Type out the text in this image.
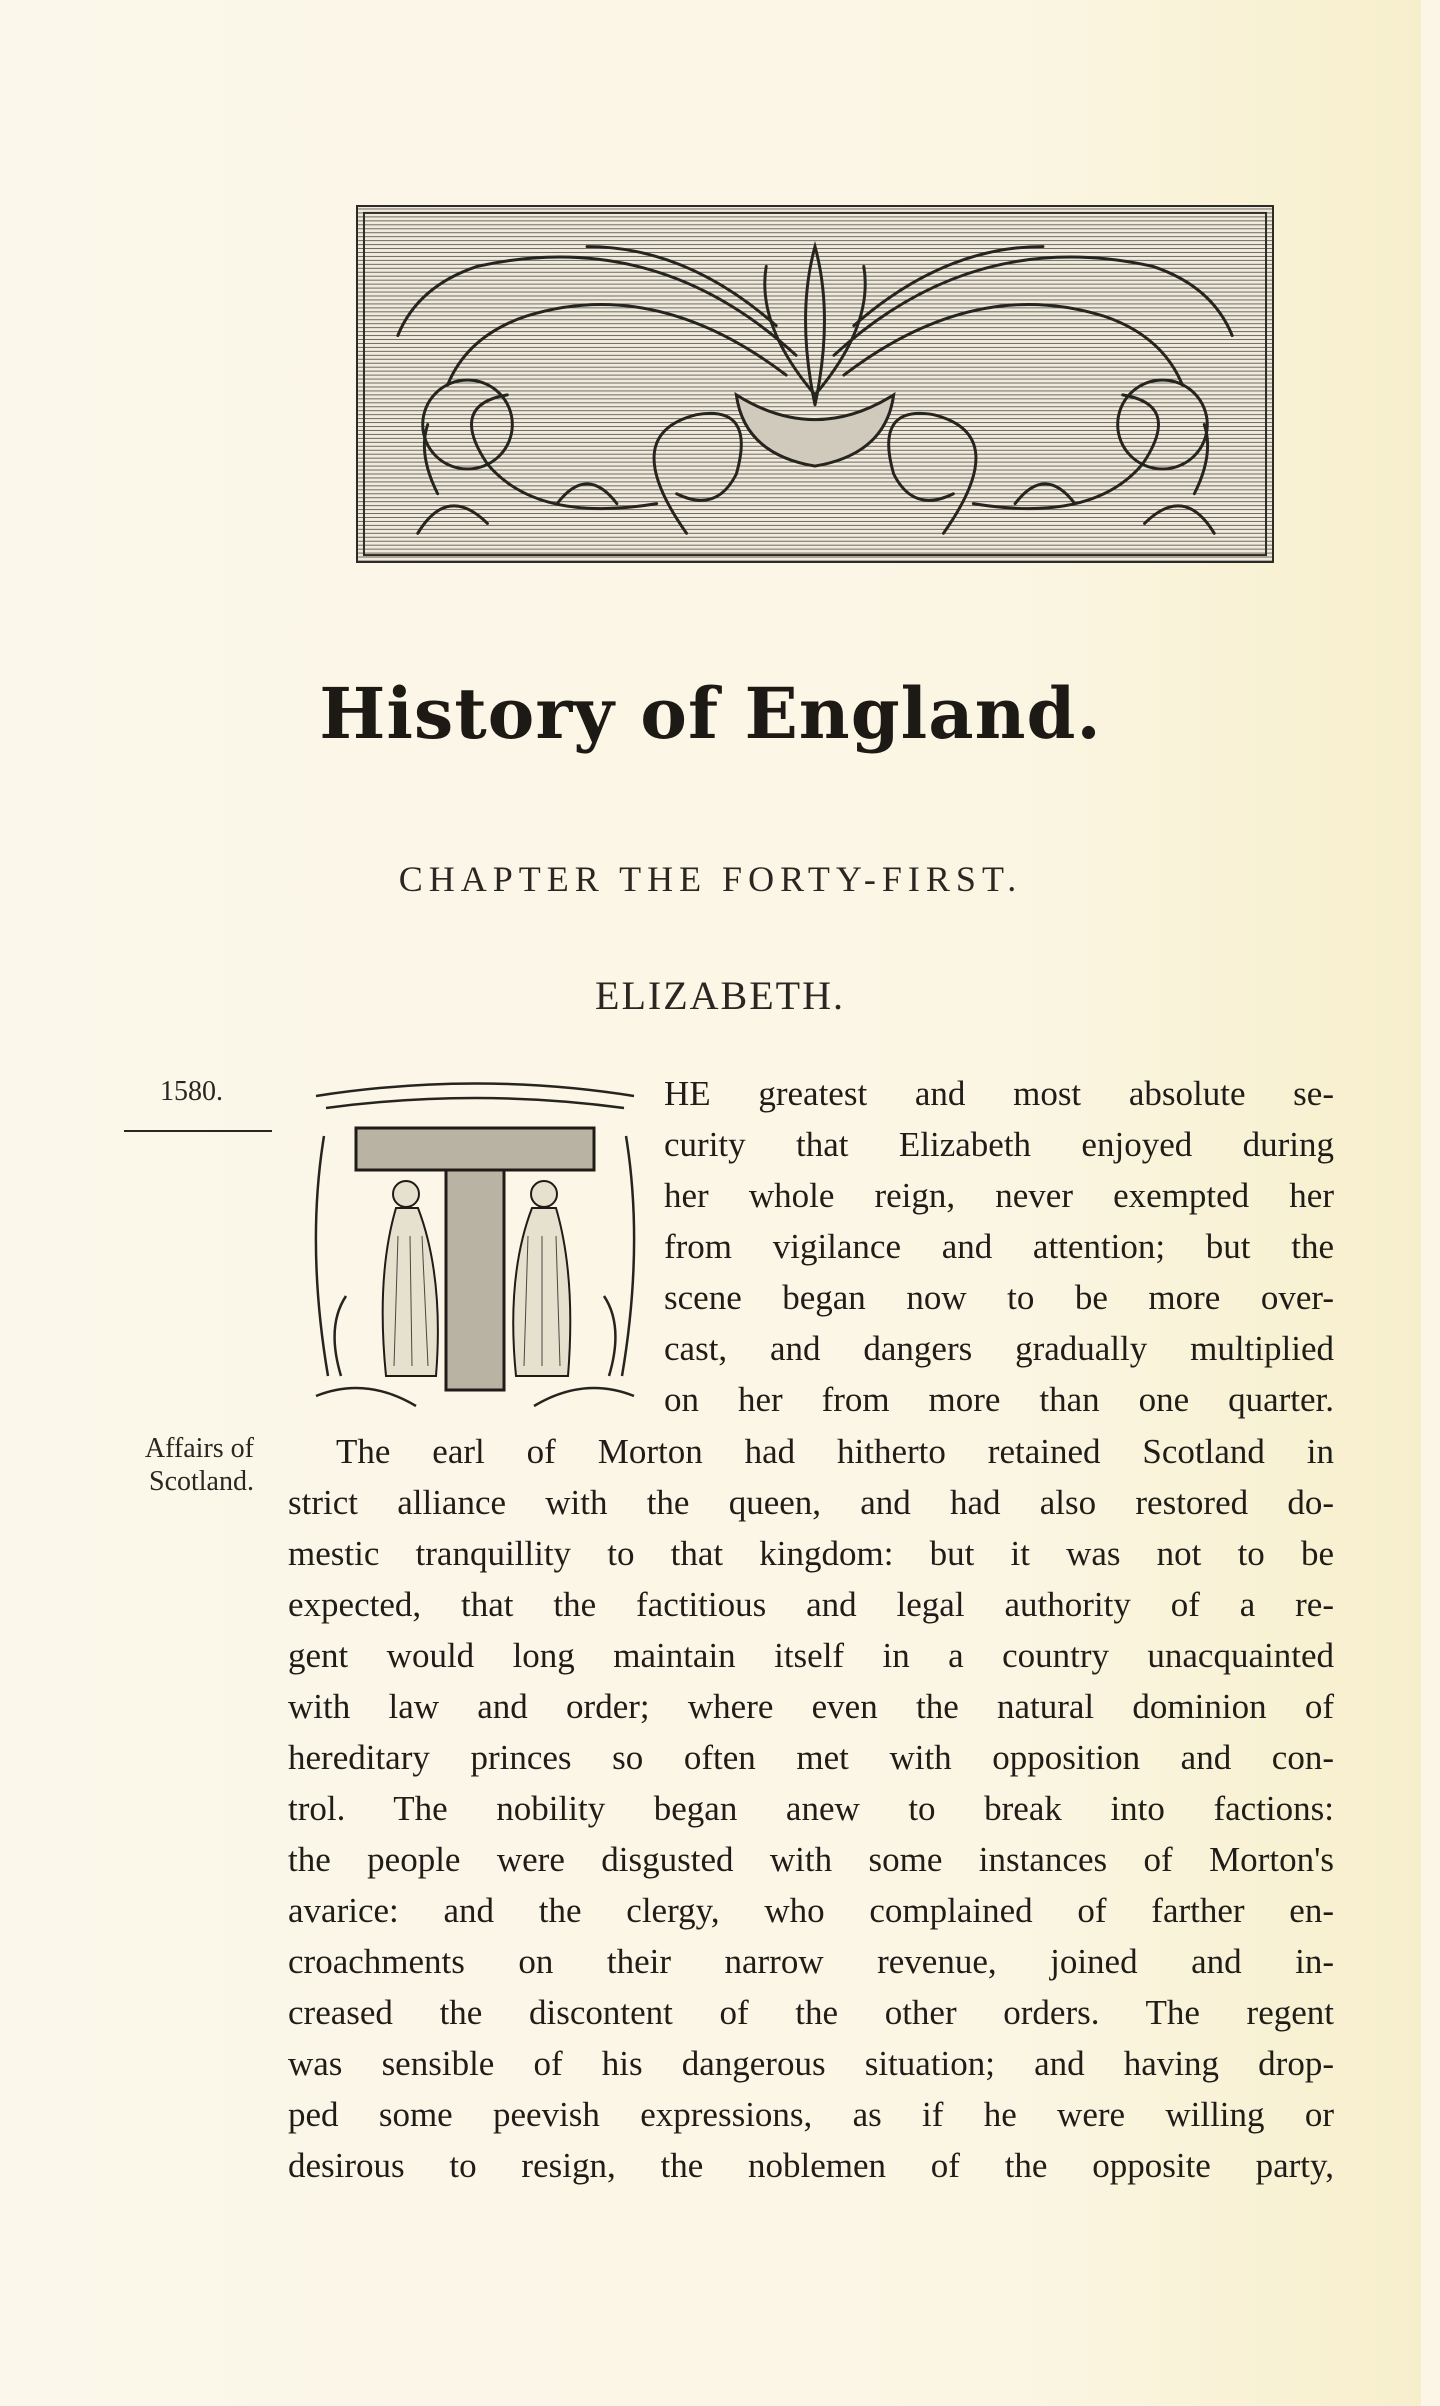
History of England.
CHAPTER THE FORTY-FIRST.
ELIZABETH.
1580.
Affairs of
Scotland.
HE greatest and most absolute se-
curity that Elizabeth enjoyed during
her whole reign, never exempted her
from vigilance and attention; but the
scene began now to be more over-
cast, and dangers gradually multiplied
on her from more than one quarter.
The earl of Morton had hitherto retained Scotland in
strict alliance with the queen, and had also restored do-
mestic tranquillity to that kingdom: but it was not to be
expected, that the factitious and legal authority of a re-
gent would long maintain itself in a country unacquainted
with law and order; where even the natural dominion of
hereditary princes so often met with opposition and con-
trol. The nobility began anew to break into factions:
the people were disgusted with some instances of Morton's
avarice: and the clergy, who complained of farther en-
croachments on their narrow revenue, joined and in-
creased the discontent of the other orders. The regent
was sensible of his dangerous situation; and having drop-
ped some peevish expressions, as if he were willing or
desirous to resign, the noblemen of the opposite party,
